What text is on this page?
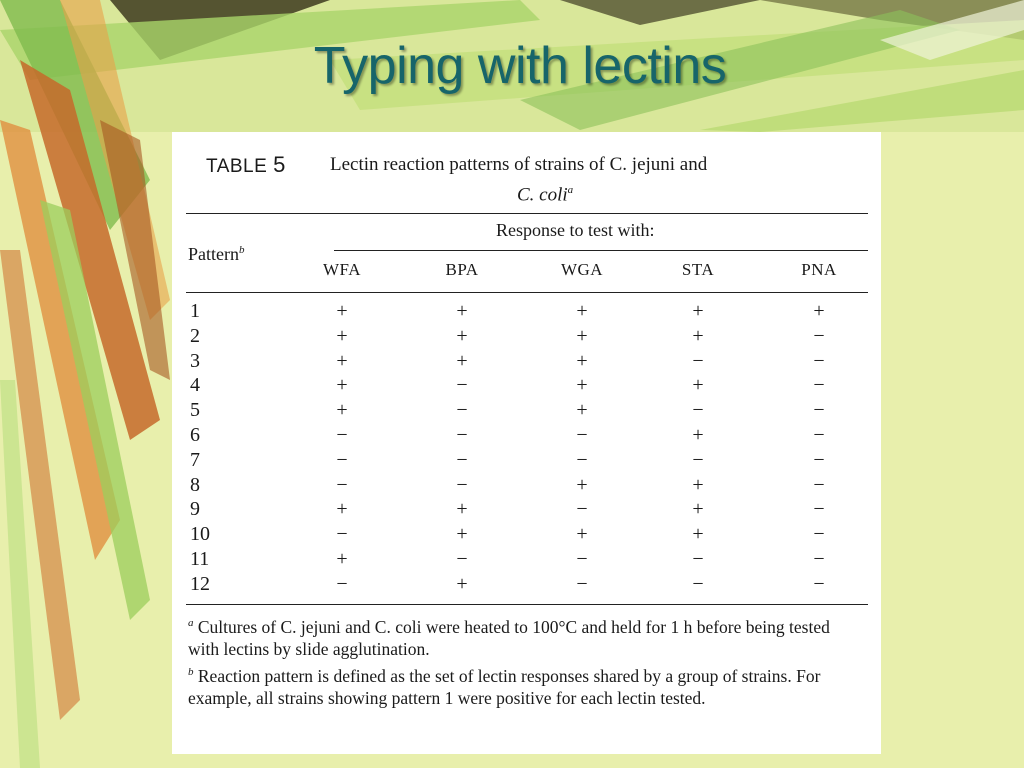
Typing with lectins
TABLE 5 Lectin reaction patterns of strains of C. jejuni and
C. coli$^a$
Response to test with:
Pattern$^b$
WFA	BPA	WGA	STA	PNA
1	+	+	+	+	+
2	+	+	+	+	−
3	+	+	+	−	−
4	+	−	+	+	−
5	+	−	+	−	−
6	−	−	−	+	−
7	−	−	−	−	−
8	−	−	+	+	−
9	+	+	−	+	−
10	−	+	+	+	−
11	+	−	−	−	−
12	−	+	−	−	−

$^a$ Cultures of C. jejuni and C. coli were heated to 100°C and held for 1 h before being tested with lectins by slide agglutination.

$^b$ Reaction pattern is defined as the set of lectin responses shared by a group of strains. For example, all strains showing pattern 1 were positive for each lectin tested.
